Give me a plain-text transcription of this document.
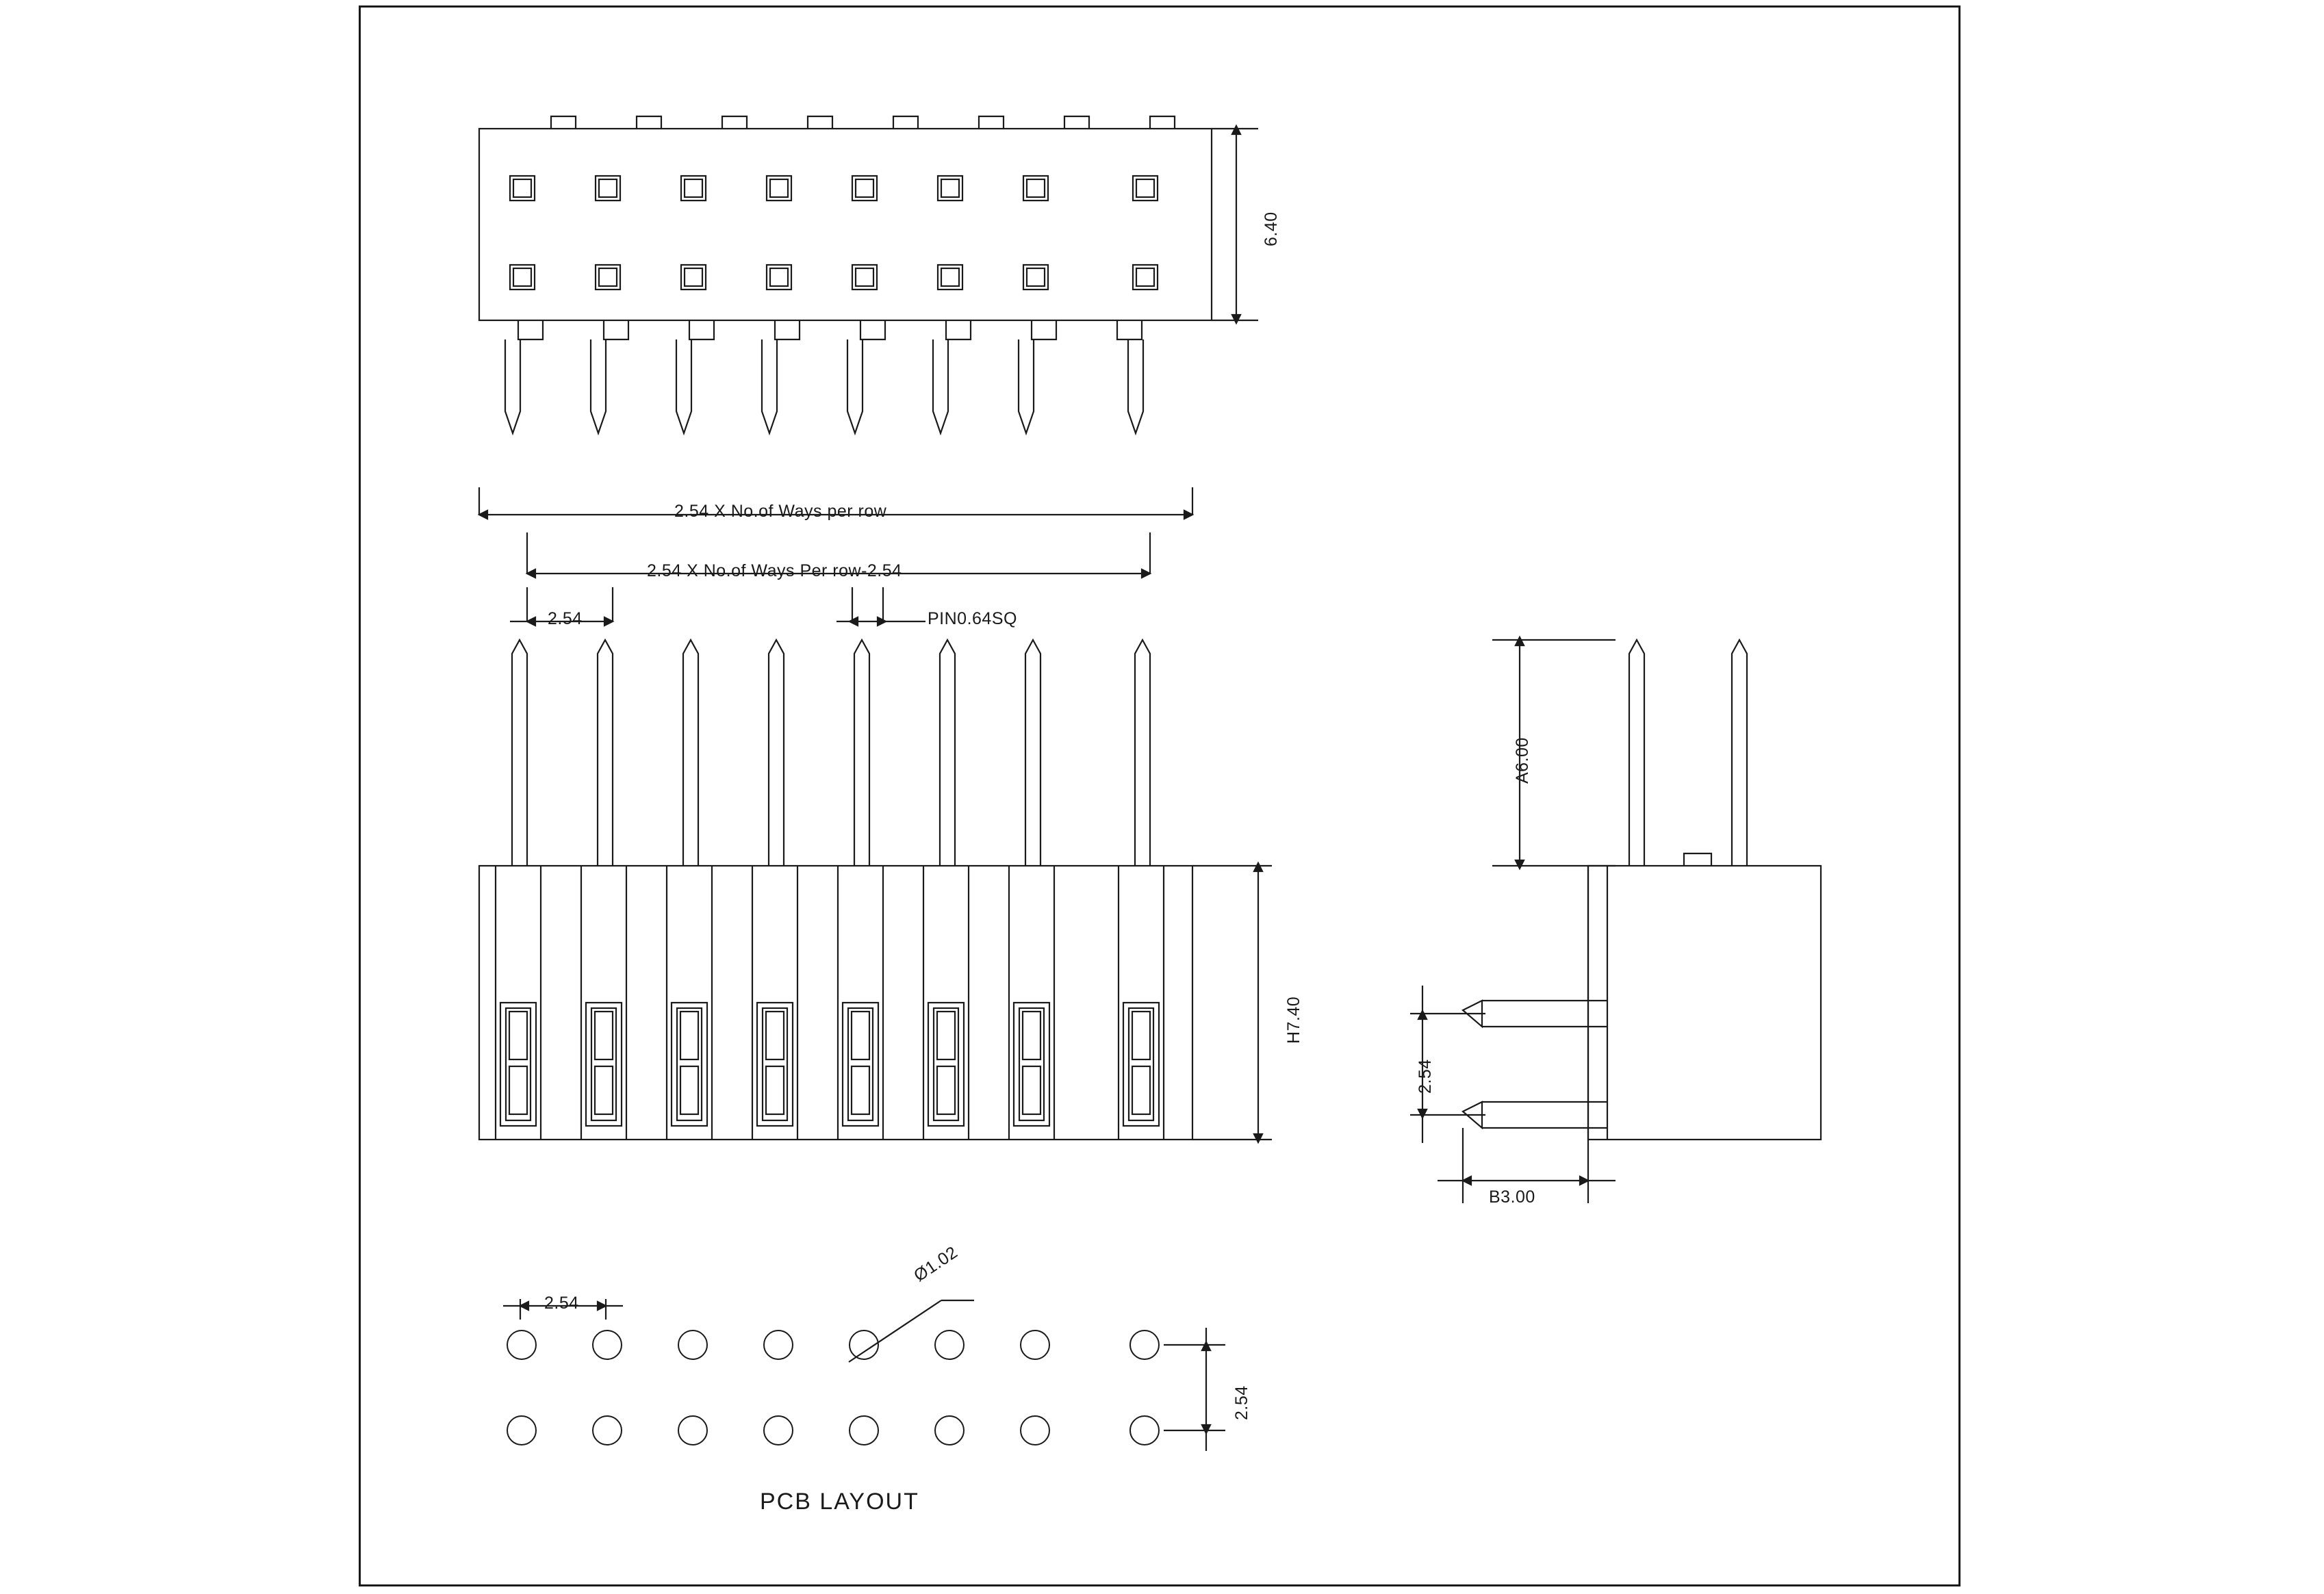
6.40
2.54 X No.of Ways per row
2.54 X No.of Ways Per row-2.54
2.54	PIN0.64SQ
H7.40
A6.00
2.54
B3.00
2.54
Ø1.02
2.54
PCB LAYOUT
